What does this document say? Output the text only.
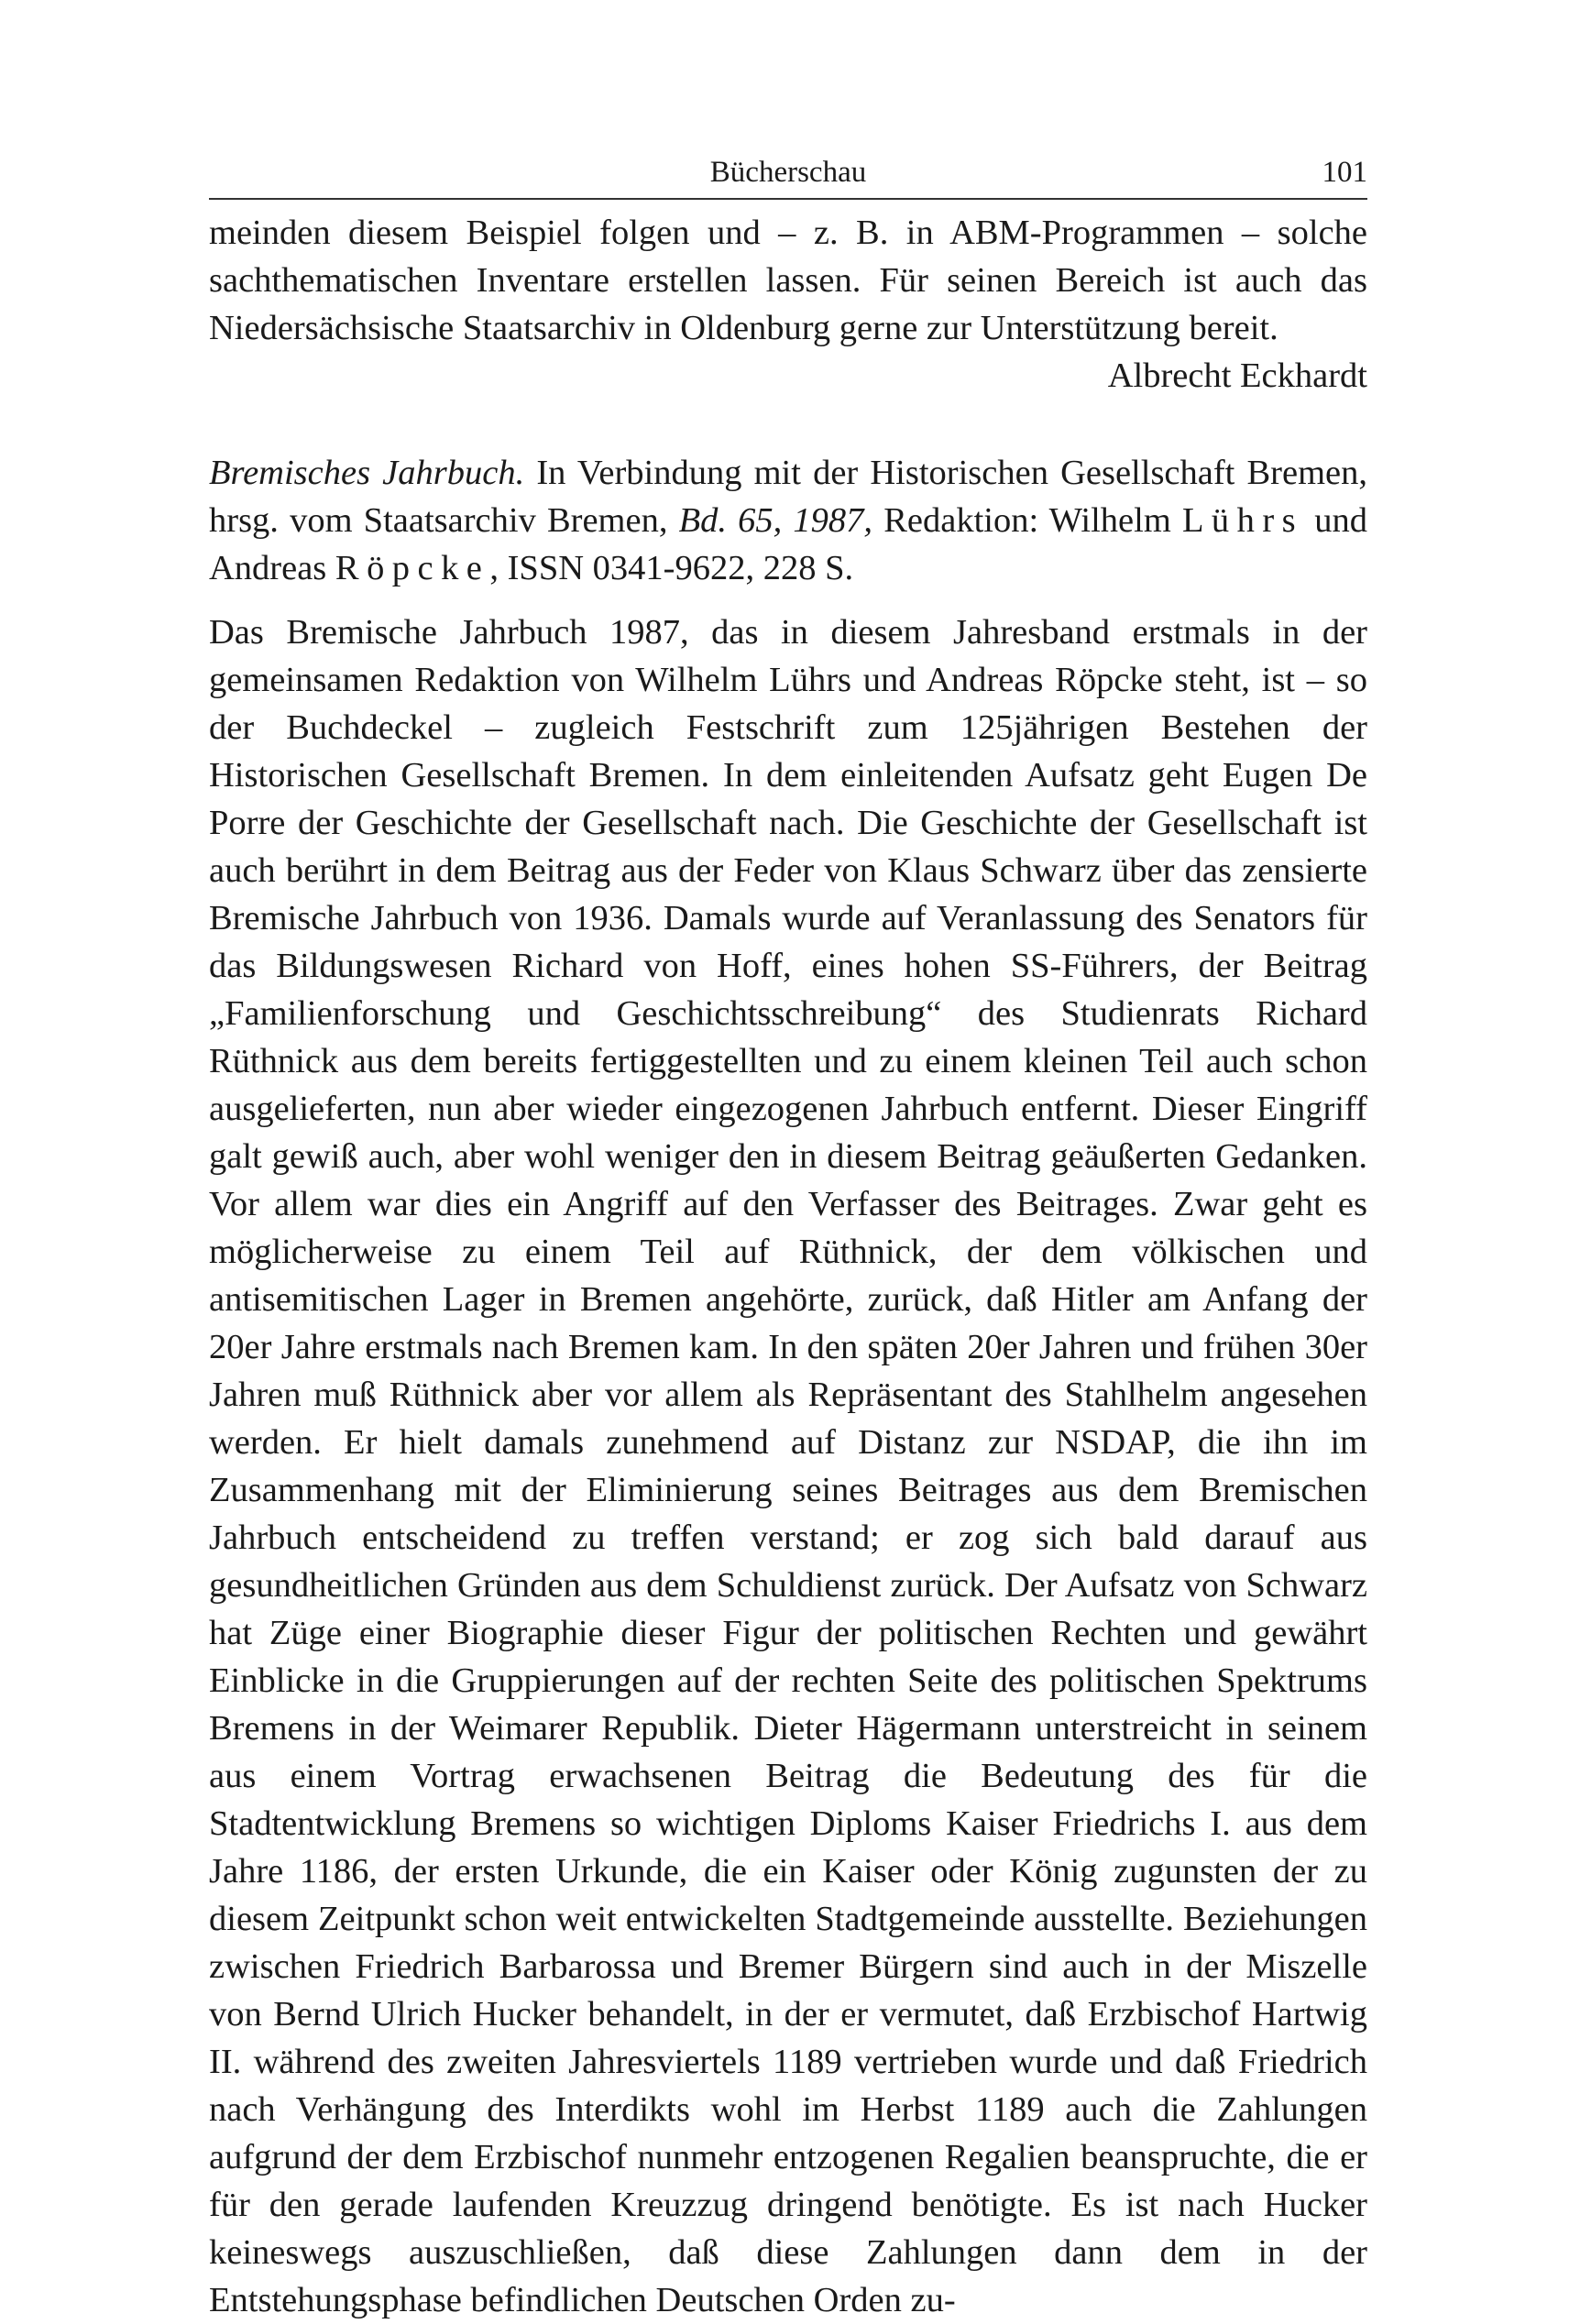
Bücherschau	101

meinden diesem Beispiel folgen und – z. B. in ABM-Programmen – solche sachthematischen Inventare erstellen lassen. Für seinen Bereich ist auch das Niedersächsische Staatsarchiv in Oldenburg gerne zur Unterstützung bereit.

Albrecht Eckhardt

Bremisches Jahrbuch. In Verbindung mit der Historischen Gesellschaft Bremen, hrsg. vom Staatsarchiv Bremen, Bd. 65, 1987, Redaktion: Wilhelm Lührs und Andreas Röpcke, ISSN 0341-9622, 228 S.

Das Bremische Jahrbuch 1987, das in diesem Jahresband erstmals in der gemeinsamen Redaktion von Wilhelm Lührs und Andreas Röpcke steht, ist – so der Buchdeckel – zugleich Festschrift zum 125jährigen Bestehen der Historischen Gesellschaft Bremen. In dem einleitenden Aufsatz geht Eugen De Porre der Geschichte der Gesellschaft nach. Die Geschichte der Gesellschaft ist auch berührt in dem Beitrag aus der Feder von Klaus Schwarz über das zensierte Bremische Jahrbuch von 1936. Damals wurde auf Veranlassung des Senators für das Bildungswesen Richard von Hoff, eines hohen SS-Führers, der Beitrag „Familienforschung und Geschichtsschreibung“ des Studienrats Richard Rüthnick aus dem bereits fertiggestellten und zu einem kleinen Teil auch schon ausgelieferten, nun aber wieder eingezogenen Jahrbuch entfernt. Dieser Eingriff galt gewiß auch, aber wohl weniger den in diesem Beitrag geäußerten Gedanken. Vor allem war dies ein Angriff auf den Verfasser des Beitrages. Zwar geht es möglicherweise zu einem Teil auf Rüthnick, der dem völkischen und antisemitischen Lager in Bremen angehörte, zurück, daß Hitler am Anfang der 20er Jahre erstmals nach Bremen kam. In den späten 20er Jahren und frühen 30er Jahren muß Rüthnick aber vor allem als Repräsentant des Stahlhelm angesehen werden. Er hielt damals zunehmend auf Distanz zur NSDAP, die ihn im Zusammenhang mit der Eliminierung seines Beitrages aus dem Bremischen Jahrbuch entscheidend zu treffen verstand; er zog sich bald darauf aus gesundheitlichen Gründen aus dem Schuldienst zurück. Der Aufsatz von Schwarz hat Züge einer Biographie dieser Figur der politischen Rechten und gewährt Einblicke in die Gruppierungen auf der rechten Seite des politischen Spektrums Bremens in der Weimarer Republik. Dieter Hägermann unterstreicht in seinem aus einem Vortrag erwachsenen Beitrag die Bedeutung des für die Stadtentwicklung Bremens so wichtigen Diploms Kaiser Friedrichs I. aus dem Jahre 1186, der ersten Urkunde, die ein Kaiser oder König zugunsten der zu diesem Zeitpunkt schon weit entwickelten Stadtgemeinde ausstellte. Beziehungen zwischen Friedrich Barbarossa und Bremer Bürgern sind auch in der Miszelle von Bernd Ulrich Hucker behandelt, in der er vermutet, daß Erzbischof Hartwig II. während des zweiten Jahresviertels 1189 vertrieben wurde und daß Friedrich nach Verhängung des Interdikts wohl im Herbst 1189 auch die Zahlungen aufgrund der dem Erzbischof nunmehr entzogenen Regalien beanspruchte, die er für den gerade laufenden Kreuzzug dringend benötigte. Es ist nach Hucker keineswegs auszuschließen, daß diese Zahlungen dann dem in der Entstehungsphase befindlichen Deutschen Orden zu-
